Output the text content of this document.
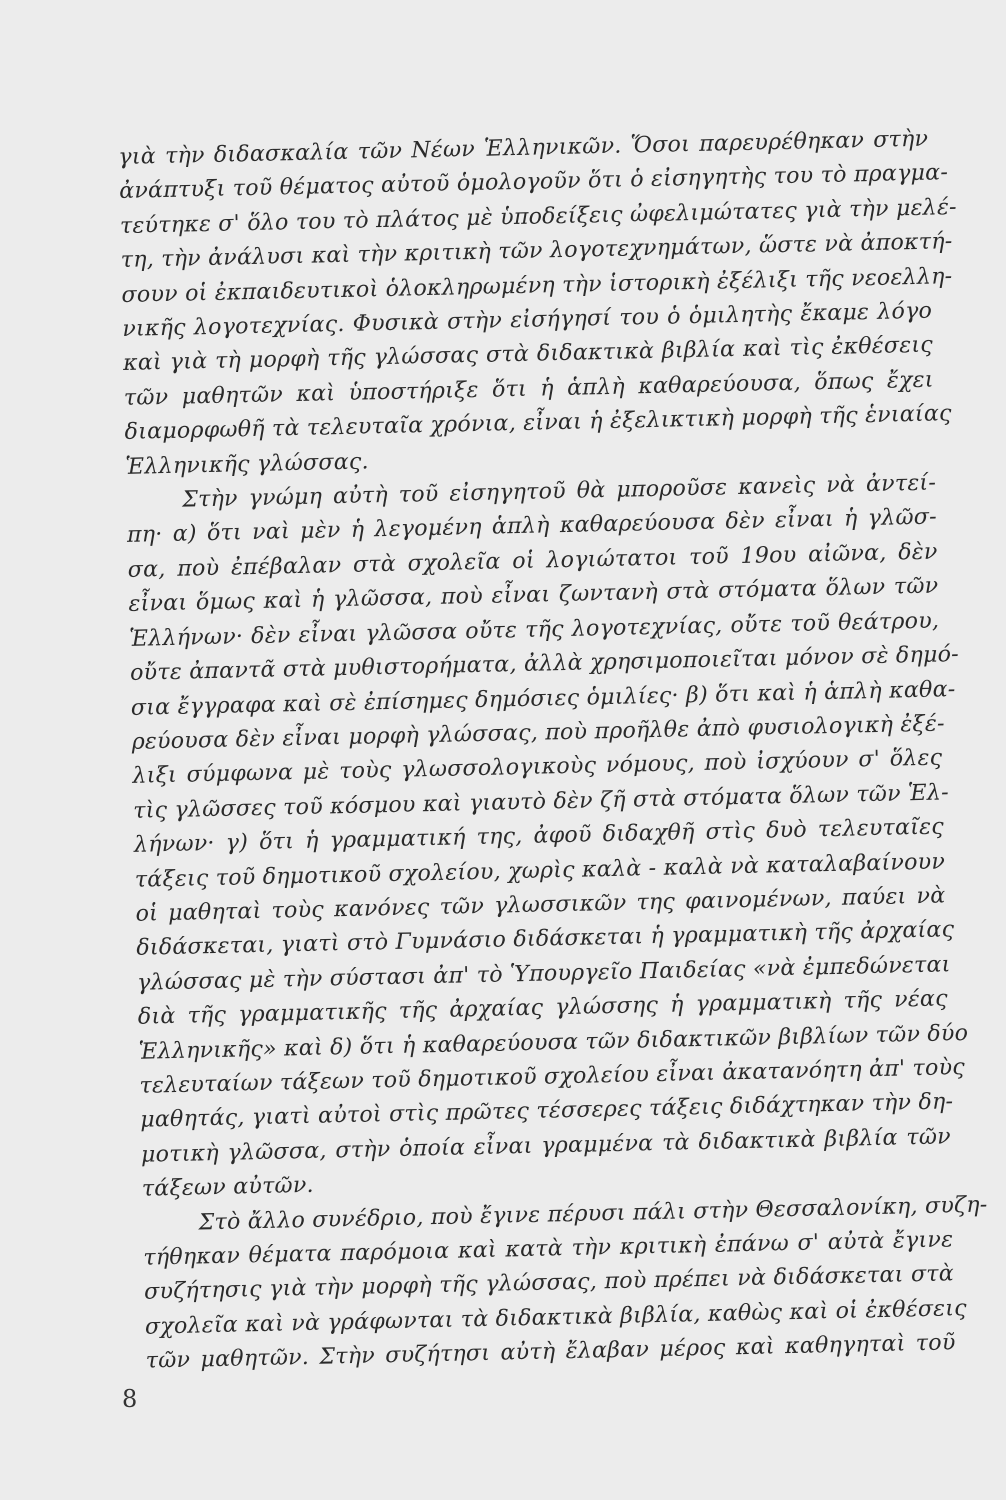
γιὰ τὴν διδασκαλία τῶν Νέων Ἑλληνικῶν. Ὅσοι παρευρέθηκαν στὴν
ἀνάπτυξι τοῦ θέματος αὐτοῦ ὁμολογοῦν ὅτι ὁ εἰσηγητὴς του τὸ πραγμα-
τεύτηκε σ' ὅλο του τὸ πλάτος μὲ ὑποδείξεις ὠφελιμώτατες γιὰ τὴν μελέ-
τη, τὴν ἀνάλυσι καὶ τὴν κριτικὴ τῶν λογοτεχνημάτων, ὥστε νὰ ἀποκτή-
σουν οἱ ἐκπαιδευτικοὶ ὁλοκληρωμένη τὴν ἱστορικὴ ἐξέλιξι τῆς νεοελλη-
νικῆς λογοτεχνίας. Φυσικὰ στὴν εἰσήγησί του ὁ ὁμιλητὴς ἔκαμε λόγο
καὶ γιὰ τὴ μορφὴ τῆς γλώσσας στὰ διδακτικὰ βιβλία καὶ τὶς ἐκθέσεις
τῶν μαθητῶν καὶ ὑποστήριξε ὅτι ἡ ἁπλὴ καθαρεύουσα, ὅπως ἔχει
διαμορφωθῆ τὰ τελευταῖα χρόνια, εἶναι ἡ ἐξελικτικὴ μορφὴ τῆς ἑνιαίας
Ἑλληνικῆς γλώσσας.
Στὴν γνώμη αὐτὴ τοῦ εἰσηγητοῦ θὰ μποροῦσε κανεὶς νὰ ἀντεί-
πη· α) ὅτι ναὶ μὲν ἡ λεγομένη ἁπλὴ καθαρεύουσα δὲν εἶναι ἡ γλῶσ-
σα, ποὺ ἐπέβαλαν στὰ σχολεῖα οἱ λογιώτατοι τοῦ 19ου αἰῶνα, δὲν
εἶναι ὅμως καὶ ἡ γλῶσσα, ποὺ εἶναι ζωντανὴ στὰ στόματα ὅλων τῶν
Ἑλλήνων· δὲν εἶναι γλῶσσα οὔτε τῆς λογοτεχνίας, οὔτε τοῦ θεάτρου,
οὔτε ἀπαντᾶ στὰ μυθιστορήματα, ἀλλὰ χρησιμοποιεῖται μόνον σὲ δημό-
σια ἔγγραφα καὶ σὲ ἐπίσημες δημόσιες ὁμιλίες· β) ὅτι καὶ ἡ ἁπλὴ καθα-
ρεύουσα δὲν εἶναι μορφὴ γλώσσας, ποὺ προῆλθε ἀπὸ φυσιολογικὴ ἐξέ-
λιξι σύμφωνα μὲ τοὺς γλωσσολογικοὺς νόμους, ποὺ ἰσχύουν σ' ὅλες
τὶς γλῶσσες τοῦ κόσμου καὶ γιαυτὸ δὲν ζῆ στὰ στόματα ὅλων τῶν Ἑλ-
λήνων· γ) ὅτι ἡ γραμματική της, ἀφοῦ διδαχθῆ στὶς δυὸ τελευταῖες
τάξεις τοῦ δημοτικοῦ σχολείου, χωρὶς καλὰ - καλὰ νὰ καταλαβαίνουν
οἱ μαθηταὶ τοὺς κανόνες τῶν γλωσσικῶν της φαινομένων, παύει νὰ
διδάσκεται, γιατὶ στὸ Γυμνάσιο διδάσκεται ἡ γραμματικὴ τῆς ἀρχαίας
γλώσσας μὲ τὴν σύστασι ἀπ' τὸ Ὑπουργεῖο Παιδείας «νὰ ἐμπεδώνεται
διὰ τῆς γραμματικῆς τῆς ἀρχαίας γλώσσης ἡ γραμματικὴ τῆς νέας
Ἑλληνικῆς» καὶ δ) ὅτι ἡ καθαρεύουσα τῶν διδακτικῶν βιβλίων τῶν δύο
τελευταίων τάξεων τοῦ δημοτικοῦ σχολείου εἶναι ἀκατανόητη ἀπ' τοὺς
μαθητάς, γιατὶ αὐτοὶ στὶς πρῶτες τέσσερες τάξεις διδάχτηκαν τὴν δη-
μοτικὴ γλῶσσα, στὴν ὁποία εἶναι γραμμένα τὰ διδακτικὰ βιβλία τῶν
τάξεων αὐτῶν.
Στὸ ἄλλο συνέδριο, ποὺ ἔγινε πέρυσι πάλι στὴν Θεσσαλονίκη, συζη-
τήθηκαν θέματα παρόμοια καὶ κατὰ τὴν κριτικὴ ἐπάνω σ' αὐτὰ ἔγινε
συζήτησις γιὰ τὴν μορφὴ τῆς γλώσσας, ποὺ πρέπει νὰ διδάσκεται στὰ
σχολεῖα καὶ νὰ γράφωνται τὰ διδακτικὰ βιβλία, καθὼς καὶ οἱ ἐκθέσεις
τῶν μαθητῶν. Στὴν συζήτησι αὐτὴ ἔλαβαν μέρος καὶ καθηγηταὶ τοῦ
8
